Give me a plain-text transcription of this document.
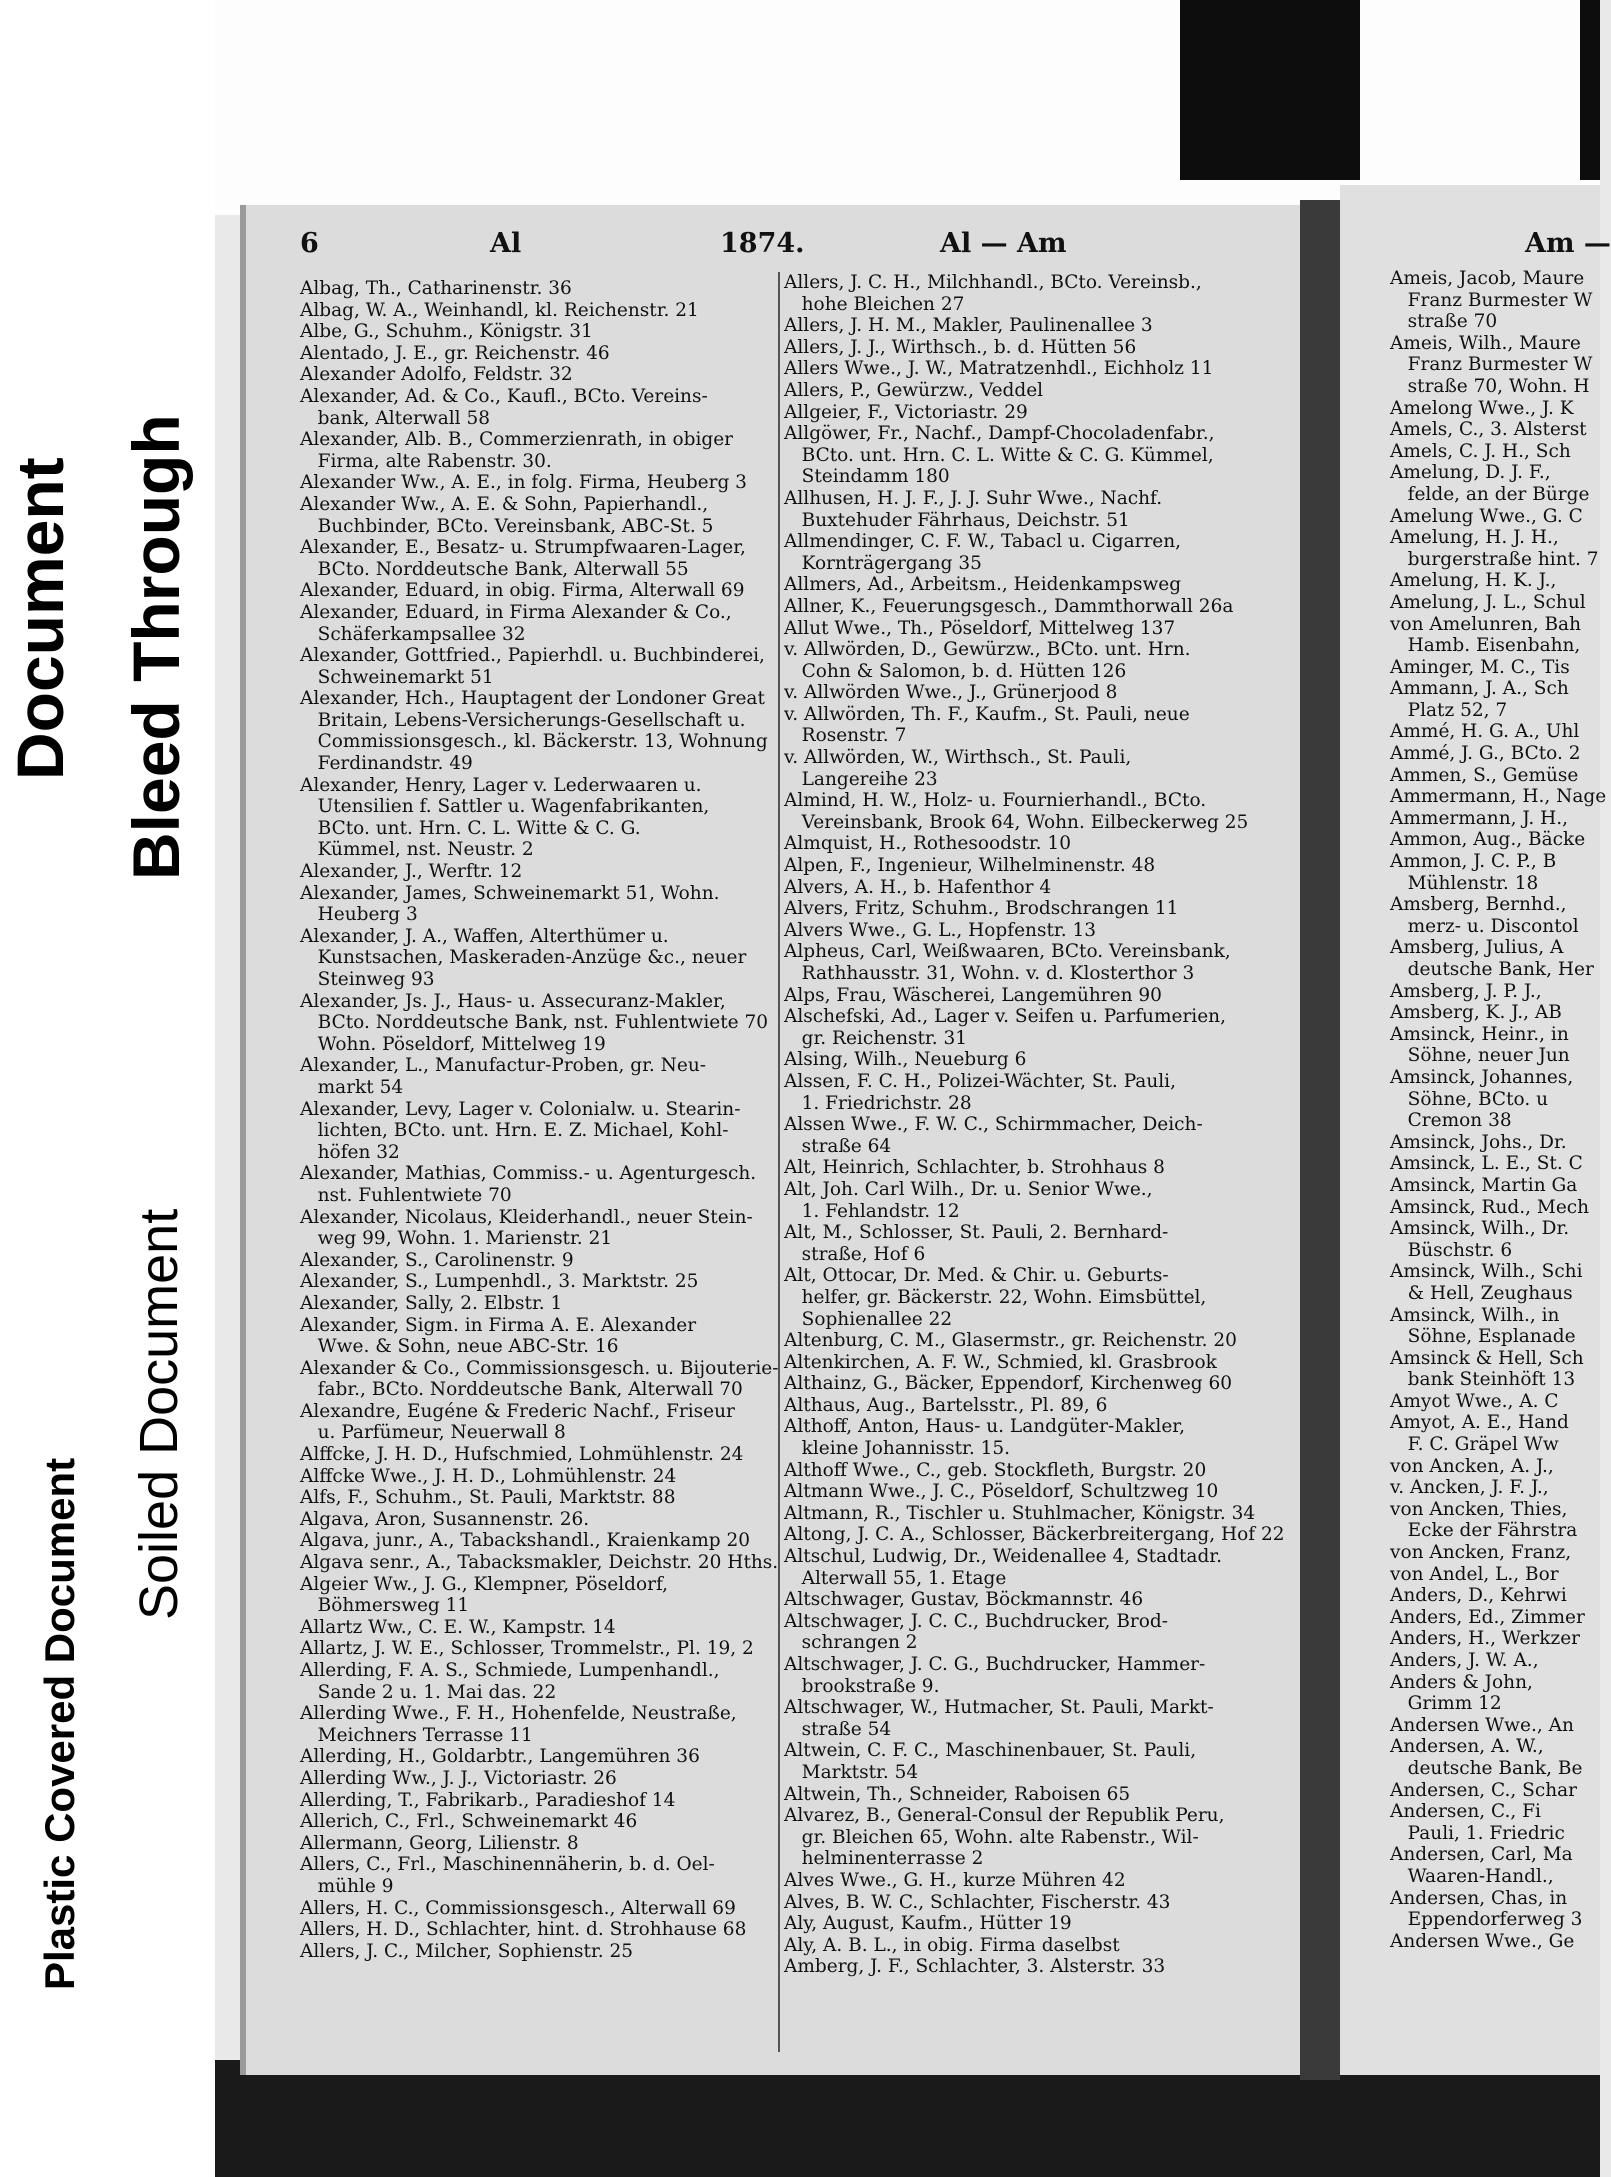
Document Bleed Through
Soiled Document
Plastic Covered Document
6	Al	1874.	Al — Am	Am —
Albag, Th., Catharinenstr. 36
Albag, W. A., Weinhandl, kl. Reichenstr. 21
Albe, G., Schuhm., Königstr. 31
Alentado, J. E., gr. Reichenstr. 46
Alexander Adolfo, Feldstr. 32
Alexander, Ad. & Co., Kaufl., BCto. Vereins-
bank, Alterwall 58
Alexander, Alb. B., Commerzienrath, in obiger
Firma, alte Rabenstr. 30.
Alexander Ww., A. E., in folg. Firma, Heuberg 3
Alexander Ww., A. E. & Sohn, Papierhandl.,
Buchbinder, BCto. Vereinsbank, ABC-St. 5
Alexander, E., Besatz- u. Strumpfwaaren-Lager,
BCto. Norddeutsche Bank, Alterwall 55
Alexander, Eduard, in obig. Firma, Alterwall 69
Alexander, Eduard, in Firma Alexander & Co.,
Schäferkampsallee 32
Alexander, Gottfried., Papierhdl. u. Buchbinderei,
Schweinemarkt 51
Alexander, Hch., Hauptagent der Londoner Great
Britain, Lebens-Versicherungs-Gesellschaft u.
Commissionsgesch., kl. Bäckerstr. 13, Wohnung
Ferdinandstr. 49
Alexander, Henry, Lager v. Lederwaaren u.
Utensilien f. Sattler u. Wagenfabrikanten,
BCto. unt. Hrn. C. L. Witte & C. G.
Kümmel, nst. Neustr. 2
Alexander, J., Werftr. 12
Alexander, James, Schweinemarkt 51, Wohn.
Heuberg 3
Alexander, J. A., Waffen, Alterthümer u.
Kunstsachen, Maskeraden-Anzüge &c., neuer
Steinweg 93
Alexander, Js. J., Haus- u. Assecuranz-Makler,
BCto. Norddeutsche Bank, nst. Fuhlentwiete 70
Wohn. Pöseldorf, Mittelweg 19
Alexander, L., Manufactur-Proben, gr. Neu-
markt 54
Alexander, Levy, Lager v. Colonialw. u. Stearin-
lichten, BCto. unt. Hrn. E. Z. Michael, Kohl-
höfen 32
Alexander, Mathias, Commiss.- u. Agenturgesch.
nst. Fuhlentwiete 70
Alexander, Nicolaus, Kleiderhandl., neuer Stein-
weg 99, Wohn. 1. Marienstr. 21
Alexander, S., Carolinenstr. 9
Alexander, S., Lumpenhdl., 3. Marktstr. 25
Alexander, Sally, 2. Elbstr. 1
Alexander, Sigm. in Firma A. E. Alexander
Wwe. & Sohn, neue ABC-Str. 16
Alexander & Co., Commissionsgesch. u. Bijouterie-
fabr., BCto. Norddeutsche Bank, Alterwall 70
Alexandre, Eugéne & Frederic Nachf., Friseur
u. Parfümeur, Neuerwall 8
Alffcke, J. H. D., Hufschmied, Lohmühlenstr. 24
Alffcke Wwe., J. H. D., Lohmühlenstr. 24
Alfs, F., Schuhm., St. Pauli, Marktstr. 88
Algava, Aron, Susannenstr. 26.
Algava, junr., A., Tabackshandl., Kraienkamp 20
Algava senr., A., Tabacksmakler, Deichstr. 20 Hths.
Algeier Ww., J. G., Klempner, Pöseldorf,
Böhmersweg 11
Allartz Ww., C. E. W., Kampstr. 14
Allartz, J. W. E., Schlosser, Trommelstr., Pl. 19, 2
Allerding, F. A. S., Schmiede, Lumpenhandl.,
Sande 2 u. 1. Mai das. 22
Allerding Wwe., F. H., Hohenfelde, Neustraße,
Meichners Terrasse 11
Allerding, H., Goldarbtr., Langemühren 36
Allerding Ww., J. J., Victoriastr. 26
Allerding, T., Fabrikarb., Paradieshof 14
Allerich, C., Frl., Schweinemarkt 46
Allermann, Georg, Lilienstr. 8
Allers, C., Frl., Maschinennäherin, b. d. Oel-
mühle 9
Allers, H. C., Commissionsgesch., Alterwall 69
Allers, H. D., Schlachter, hint. d. Strohhause 68
Allers, J. C., Milcher, Sophienstr. 25
Allers, J. C. H., Milchhandl., BCto. Vereinsb.,
hohe Bleichen 27
Allers, J. H. M., Makler, Paulinenallee 3
Allers, J. J., Wirthsch., b. d. Hütten 56
Allers Wwe., J. W., Matratzenhdl., Eichholz 11
Allers, P., Gewürzw., Veddel
Allgeier, F., Victoriastr. 29
Allgöwer, Fr., Nachf., Dampf-Chocoladenfabr.,
BCto. unt. Hrn. C. L. Witte & C. G. Kümmel,
Steindamm 180
Allhusen, H. J. F., J. J. Suhr Wwe., Nachf.
Buxtehuder Fährhaus, Deichstr. 51
Allmendinger, C. F. W., Tabacl u. Cigarren,
Kornträgergang 35
Allmers, Ad., Arbeitsm., Heidenkampsweg
Allner, K., Feuerungsgesch., Dammthorwall 26a
Allut Wwe., Th., Pöseldorf, Mittelweg 137
v. Allwörden, D., Gewürzw., BCto. unt. Hrn.
Cohn & Salomon, b. d. Hütten 126
v. Allwörden Wwe., J., Grünerjood 8
v. Allwörden, Th. F., Kaufm., St. Pauli, neue
Rosenstr. 7
v. Allwörden, W., Wirthsch., St. Pauli,
Langereihe 23
Almind, H. W., Holz- u. Fournierhandl., BCto.
Vereinsbank, Brook 64, Wohn. Eilbeckerweg 25
Almquist, H., Rothesoodstr. 10
Alpen, F., Ingenieur, Wilhelminenstr. 48
Alvers, A. H., b. Hafenthor 4
Alvers, Fritz, Schuhm., Brodschrangen 11
Alvers Wwe., G. L., Hopfenstr. 13
Alpheus, Carl, Weißwaaren, BCto. Vereinsbank,
Rathhausstr. 31, Wohn. v. d. Klosterthor 3
Alps, Frau, Wäscherei, Langemühren 90
Alschefski, Ad., Lager v. Seifen u. Parfumerien,
gr. Reichenstr. 31
Alsing, Wilh., Neueburg 6
Alssen, F. C. H., Polizei-Wächter, St. Pauli,
1. Friedrichstr. 28
Alssen Wwe., F. W. C., Schirmmacher, Deich-
straße 64
Alt, Heinrich, Schlachter, b. Strohhaus 8
Alt, Joh. Carl Wilh., Dr. u. Senior Wwe.,
1. Fehlandstr. 12
Alt, M., Schlosser, St. Pauli, 2. Bernhard-
straße, Hof 6
Alt, Ottocar, Dr. Med. & Chir. u. Geburts-
helfer, gr. Bäckerstr. 22, Wohn. Eimsbüttel,
Sophienallee 22
Altenburg, C. M., Glasermstr., gr. Reichenstr. 20
Altenkirchen, A. F. W., Schmied, kl. Grasbrook
Althainz, G., Bäcker, Eppendorf, Kirchenweg 60
Althaus, Aug., Bartelsstr., Pl. 89, 6
Althoff, Anton, Haus- u. Landgüter-Makler,
kleine Johannisstr. 15.
Althoff Wwe., C., geb. Stockfleth, Burgstr. 20
Altmann Wwe., J. C., Pöseldorf, Schultzweg 10
Altmann, R., Tischler u. Stuhlmacher, Königstr. 34
Altong, J. C. A., Schlosser, Bäckerbreitergang, Hof 22
Altschul, Ludwig, Dr., Weidenallee 4, Stadtadr.
Alterwall 55, 1. Etage
Altschwager, Gustav, Böckmannstr. 46
Altschwager, J. C. C., Buchdrucker, Brod-
schrangen 2
Altschwager, J. C. G., Buchdrucker, Hammer-
brookstraße 9.
Altschwager, W., Hutmacher, St. Pauli, Markt-
straße 54
Altwein, C. F. C., Maschinenbauer, St. Pauli,
Marktstr. 54
Altwein, Th., Schneider, Raboisen 65
Alvarez, B., General-Consul der Republik Peru,
gr. Bleichen 65, Wohn. alte Rabenstr., Wil-
helminenterrasse 2
Alves Wwe., G. H., kurze Mühren 42
Alves, B. W. C., Schlachter, Fischerstr. 43
Aly, August, Kaufm., Hütter 19
Aly, A. B. L., in obig. Firma daselbst
Amberg, J. F., Schlachter, 3. Alsterstr. 33
Ameis, Jacob, Maure
Franz Burmester W
straße 70
Ameis, Wilh., Maure
Franz Burmester W
straße 70, Wohn. H
Amelong Wwe., J. K
Amels, C., 3. Alsterst
Amels, C. J. H., Sch
Amelung, D. J. F.,
felde, an der Bürge
Amelung Wwe., G. C
Amelung, H. J. H.,
burgerstraße hint. 7
Amelung, H. K. J.,
Amelung, J. L., Schul
von Amelunren, Bah
Hamb. Eisenbahn,
Aminger, M. C., Tis
Ammann, J. A., Sch
Platz 52, 7
Ammé, H. G. A., Uhl
Ammé, J. G., BCto. 2
Ammen, S., Gemüse
Ammermann, H., Nage
Ammermann, J. H.,
Ammon, Aug., Bäcke
Ammon, J. C. P., B
Mühlenstr. 18
Amsberg, Bernhd.,
merz- u. Discontol
Amsberg, Julius, A
deutsche Bank, Her
Amsberg, J. P. J.,
Amsberg, K. J., AB
Amsinck, Heinr., in
Söhne, neuer Jun
Amsinck, Johannes,
Söhne, BCto. u
Cremon 38
Amsinck, Johs., Dr.
Amsinck, L. E., St. C
Amsinck, Martin Ga
Amsinck, Rud., Mech
Amsinck, Wilh., Dr.
Büschstr. 6
Amsinck, Wilh., Schi
& Hell, Zeughaus
Amsinck, Wilh., in
Söhne, Esplanade
Amsinck & Hell, Sch
bank Steinhöft 13
Amyot Wwe., A. C
Amyot, A. E., Hand
F. C. Gräpel Ww
von Ancken, A. J.,
v. Ancken, J. F. J.,
von Ancken, Thies,
Ecke der Fährstra
von Ancken, Franz,
von Andel, L., Bor
Anders, D., Kehrwi
Anders, Ed., Zimmer
Anders, H., Werkzer
Anders, J. W. A.,
Anders & John,
Grimm 12
Andersen Wwe., An
Andersen, A. W.,
deutsche Bank, Be
Andersen, C., Schar
Andersen, C., Fi
Pauli, 1. Friedric
Andersen, Carl, Ma
Waaren-Handl.,
Andersen, Chas, in
Eppendorferweg 3
Andersen Wwe., Ge
